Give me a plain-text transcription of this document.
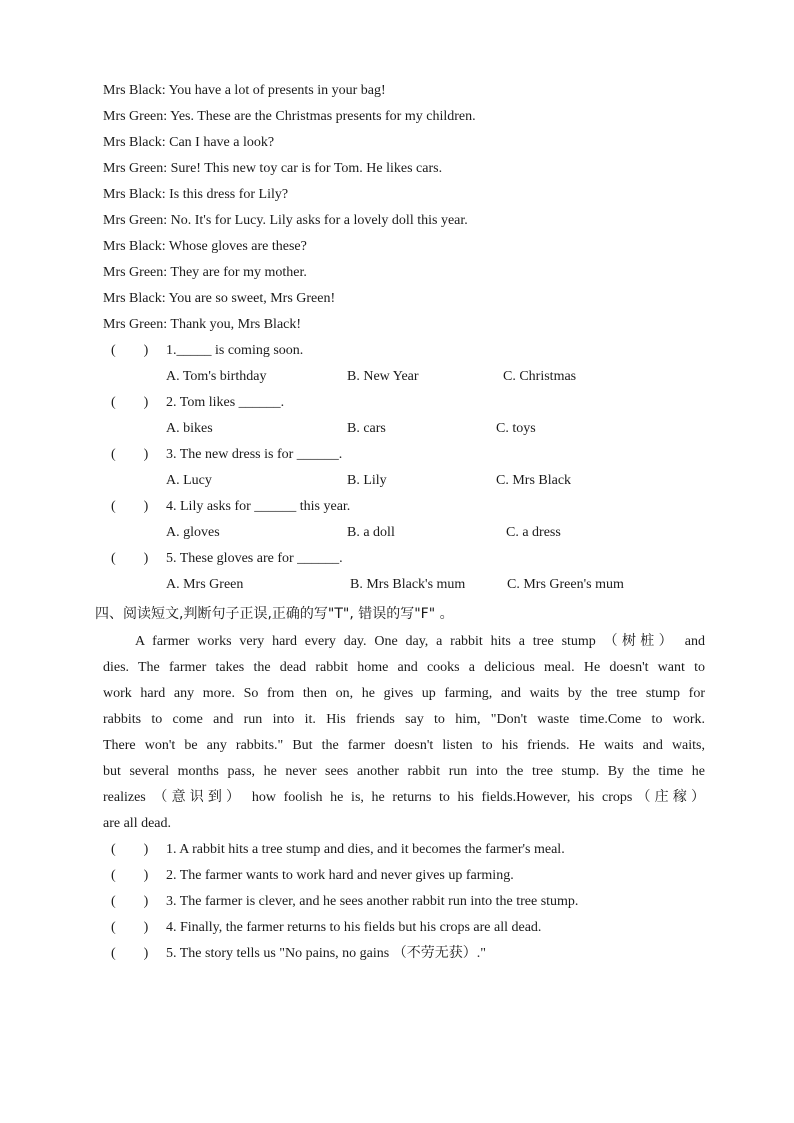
Mrs Black: You have a lot of presents in your bag!
Mrs Green: Yes. These are the Christmas presents for my children.
Mrs Black: Can I have a look?
Mrs Green: Sure! This new toy car is for Tom. He likes cars.
Mrs Black: Is this dress for Lily?
Mrs Green: No. It's for Lucy. Lily asks for a lovely doll this year.
Mrs Black: Whose gloves are these?
Mrs Green: They are for my mother.
Mrs Black: You are so sweet, Mrs Green!
Mrs Green: Thank you, Mrs Black!
(  ) 1._____ is coming soon.
A. Tom's birthday	B. New Year	C. Christmas
(  ) 2. Tom likes ______.
A. bikes	B. cars	C. toys
(  ) 3. The new dress is for ______.
A. Lucy	B. Lily	C. Mrs Black
(  ) 4. Lily asks for ______ this year.
A. gloves	B. a doll	C. a dress
(  ) 5. These gloves are for ______.
A. Mrs Green	B. Mrs Black's mum	C. Mrs Green's mum
四、阅读短文,判断句子正误,正确的写"T", 错误的写"F" 。
A farmer works very hard every day. One day, a rabbit hits a tree stump （树桩） and
dies. The farmer takes the dead rabbit home and cooks a delicious meal. He doesn't want to
work hard any more. So from then on, he gives up farming, and waits by the tree stump for
rabbits to come and run into it. His friends say to him, "Don't waste time.Come to work.
There won't be any rabbits." But the farmer doesn't listen to his friends. He waits and waits,
but several months pass, he never sees another rabbit run into the tree stump. By the time he
realizes （意识到） how foolish he is, he returns to his fields.However, his crops（庄稼）
are all dead.
(  ) 1. A rabbit hits a tree stump and dies, and it becomes the farmer's meal.
(  ) 2. The farmer wants to work hard and never gives up farming.
(  ) 3. The farmer is clever, and he sees another rabbit run into the tree stump.
(  ) 4. Finally, the farmer returns to his fields but his crops are all dead.
(  ) 5. The story tells us "No pains, no gains （不劳无获）."
